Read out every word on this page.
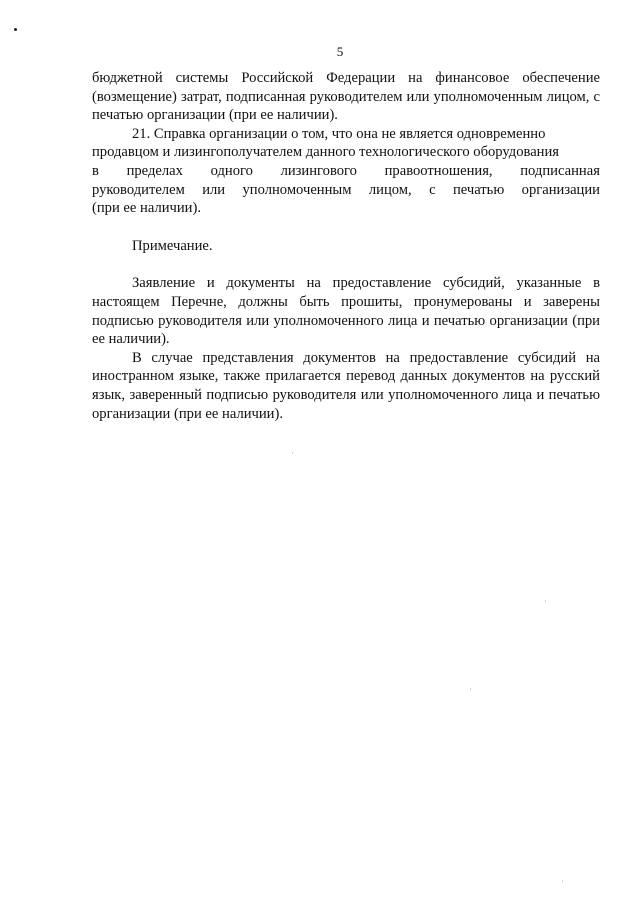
5

бюджетной системы Российской Федерации на финансовое обеспечение (возмещение) затрат, подписанная руководителем или уполномоченным лицом, с печатью организации (при ее наличии).

21. Справка организации о том, что она не является одновременно
продавцом и лизингополучателем данного технологического оборудования
в пределах одного лизингового правоотношения, подписанная
руководителем или уполномоченным лицом, с печатью организации
(при ее наличии).

Примечание.

Заявление и документы на предоставление субсидий, указанные в настоящем Перечне, должны быть прошиты, пронумерованы и заверены подписью руководителя или уполномоченного лица и печатью организации (при ее наличии).

В случае представления документов на предоставление субсидий на иностранном языке, также прилагается перевод данных документов на русский язык, заверенный подписью руководителя или уполномоченного лица и печатью организации (при ее наличии).
